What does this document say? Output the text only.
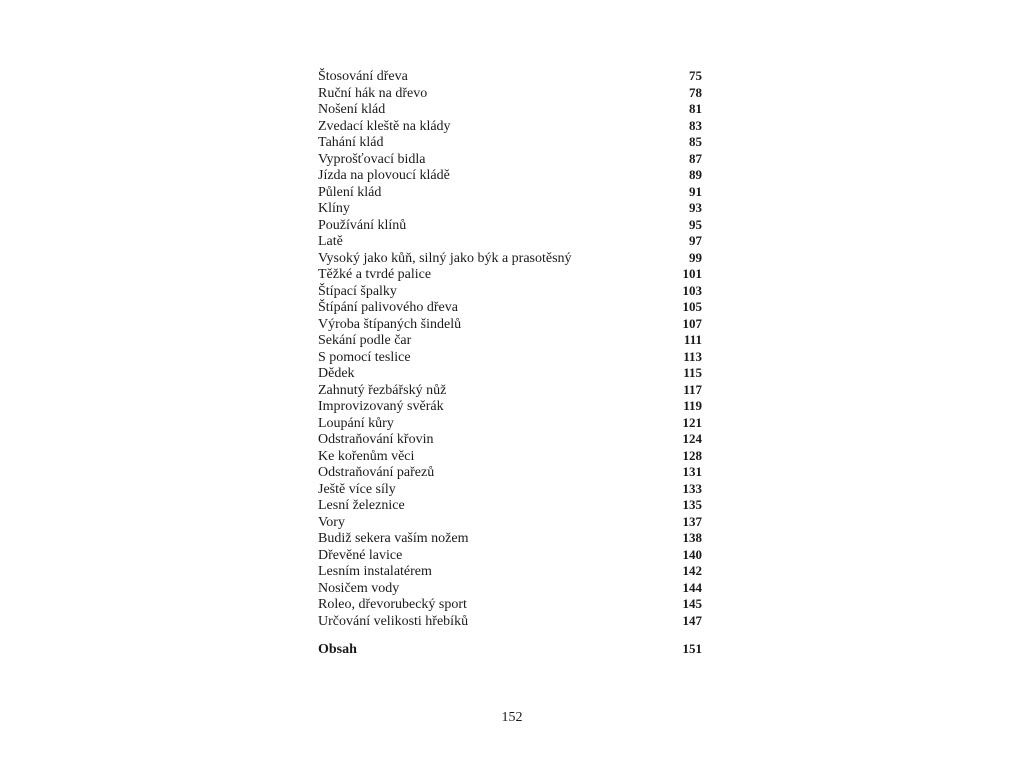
Štosování dřeva	75
Ruční hák na dřevo	78
Nošení klád	81
Zvedací kleště na klády	83
Tahání klád	85
Vyprošťovací bidla	87
Jízda na plovoucí kládě	89
Půlení klád	91
Klíny	93
Používání klínů	95
Latě	97
Vysoký jako kůň, silný jako býk a prasotěsný	99
Těžké a tvrdé palice	101
Štípací špalky	103
Štípání palivového dřeva	105
Výroba štípaných šindelů	107
Sekání podle čar	111
S pomocí teslice	113
Dědek	115
Zahnutý řezbářský nůž	117
Improvizovaný svěrák	119
Loupání kůry	121
Odstraňování křovin	124
Ke kořenům věci	128
Odstraňování pařezů	131
Ještě více síly	133
Lesní železnice	135
Vory	137
Budiž sekera vaším nožem	138
Dřevěné lavice	140
Lesním instalatérem	142
Nosičem vody	144
Roleo, dřevorubecký sport	145
Určování velikosti hřebíků	147
Obsah	151
152
